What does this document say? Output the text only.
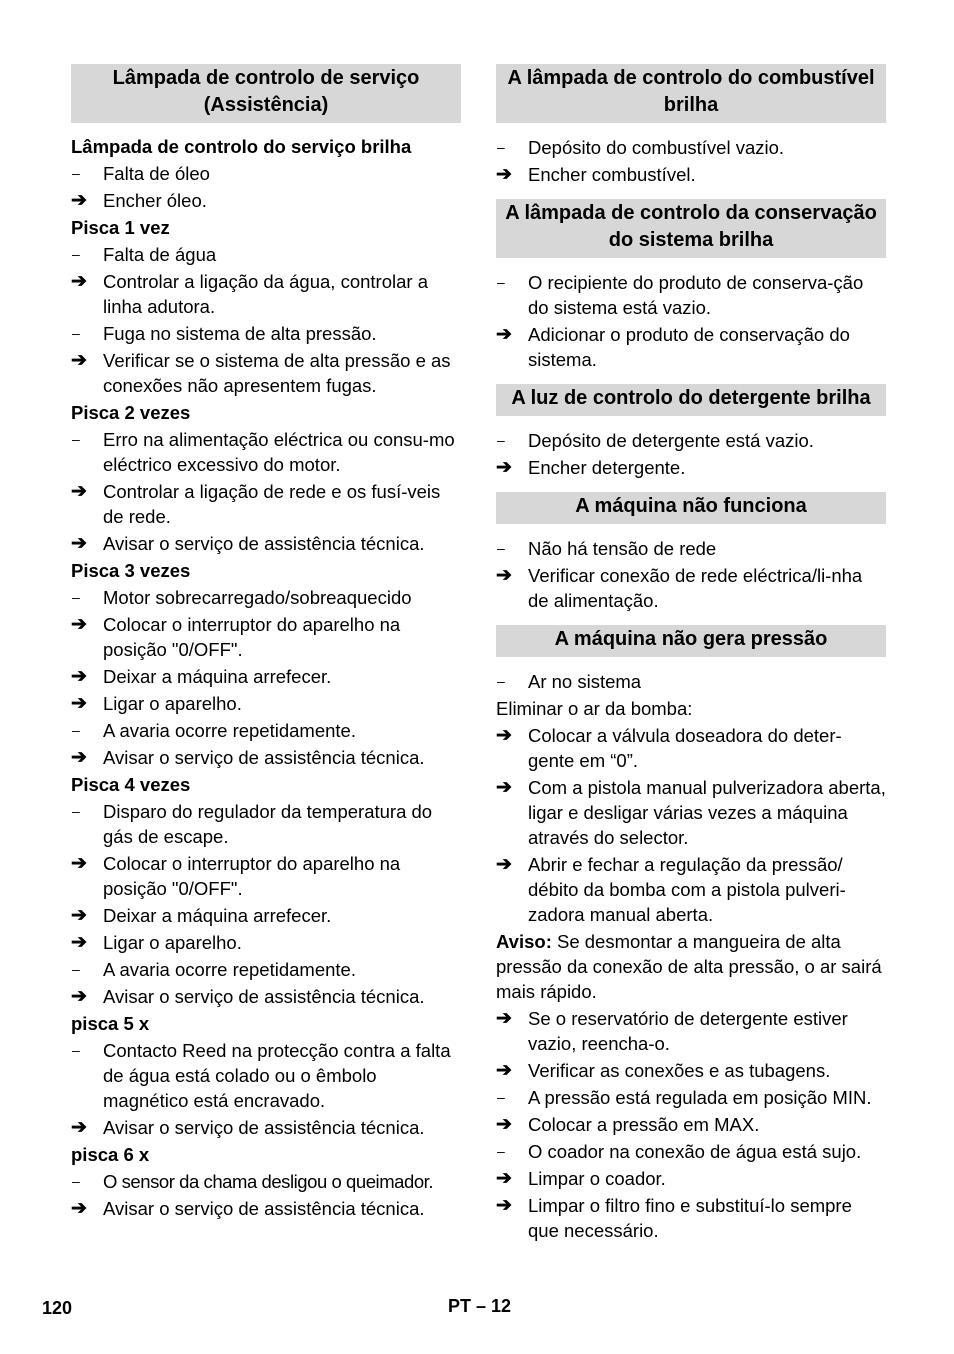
Lâmpada de controlo de serviço (Assistência)
Lâmpada de controlo do serviço brilha
–	Falta de óleo
➔ Encher óleo.
Pisca 1 vez
–	Falta de água
➔ Controlar a ligação da água, controlar a linha adutora.
–	Fuga no sistema de alta pressão.
➔ Verificar se o sistema de alta pressão e as conexões não apresentem fugas.
Pisca 2 vezes
–	Erro na alimentação eléctrica ou consu-mo eléctrico excessivo do motor.
➔ Controlar a ligação de rede e os fusí-veis de rede.
➔ Avisar o serviço de assistência técnica.
Pisca 3 vezes
–	Motor sobrecarregado/sobreaquecido
➔ Colocar o interruptor do aparelho na posição "0/OFF".
➔ Deixar a máquina arrefecer.
➔ Ligar o aparelho.
–	A avaria ocorre repetidamente.
➔ Avisar o serviço de assistência técnica.
Pisca 4 vezes
–	Disparo do regulador da temperatura do gás de escape.
➔ Colocar o interruptor do aparelho na posição "0/OFF".
➔ Deixar a máquina arrefecer.
➔ Ligar o aparelho.
–	A avaria ocorre repetidamente.
➔ Avisar o serviço de assistência técnica.
pisca 5 x
–	Contacto Reed na protecção contra a falta de água está colado ou o êmbolo magnético está encravado.
➔ Avisar o serviço de assistência técnica.
pisca 6 x
–	O sensor da chama desligou o queimador.
➔ Avisar o serviço de assistência técnica.
A lâmpada de controlo do combustível brilha
–	Depósito do combustível vazio.
➔ Encher combustível.
A lâmpada de controlo da conservação do sistema brilha
–	O recipiente do produto de conserva-ção do sistema está vazio.
➔ Adicionar o produto de conservação do sistema.
A luz de controlo do detergente brilha
–	Depósito de detergente está vazio.
➔ Encher detergente.
A máquina não funciona
–	Não há tensão de rede
➔ Verificar conexão de rede eléctrica/li-nha de alimentação.
A máquina não gera pressão
–	Ar no sistema
Eliminar o ar da bomba:
➔ Colocar a válvula doseadora do deter-gente em “0”.
➔ Com a pistola manual pulverizadora aberta, ligar e desligar várias vezes a máquina através do selector.
➔ Abrir e fechar a regulação da pressão/ débito da bomba com a pistola pulveri-zadora manual aberta.
Aviso: Se desmontar a mangueira de alta pressão da conexão de alta pressão, o ar sairá mais rápido.
➔ Se o reservatório de detergente estiver vazio, reencha-o.
➔ Verificar as conexões e as tubagens.
–	A pressão está regulada em posição MIN.
➔ Colocar a pressão em MAX.
–	O coador na conexão de água está sujo.
➔ Limpar o coador.
➔ Limpar o filtro fino e substituí-lo sempre que necessário.
120	PT – 12
